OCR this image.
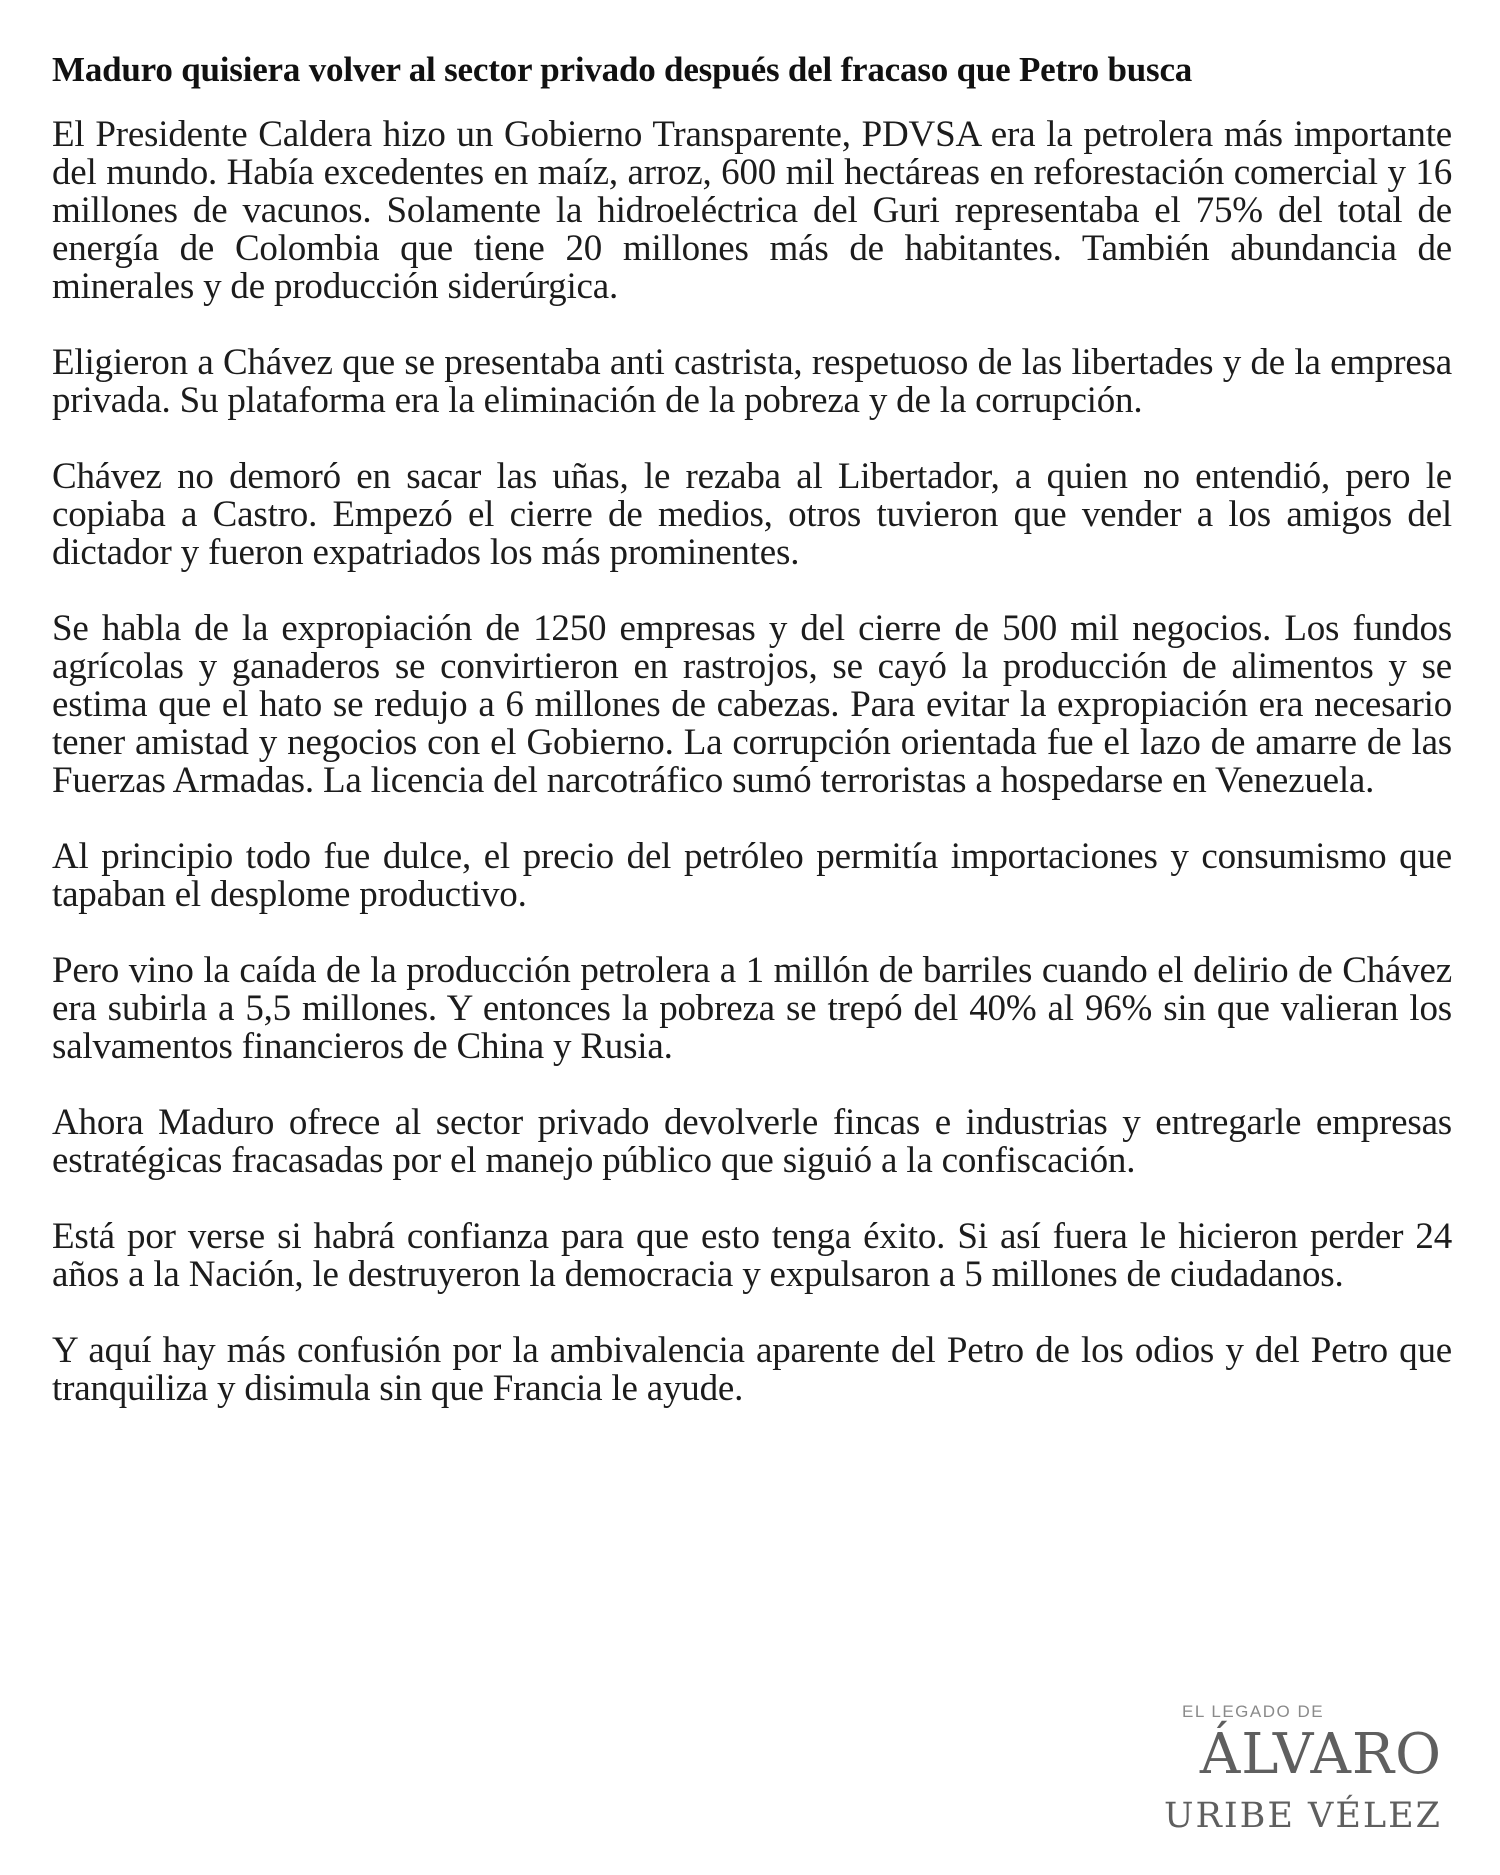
Maduro quisiera volver al sector privado después del fracaso que Petro busca

El Presidente Caldera hizo un Gobierno Transparente, PDVSA era la petrolera más importante del mundo. Había excedentes en maíz, arroz, 600 mil hectáreas en reforestación comercial y 16 millones de vacunos. Solamente la hidroeléctrica del Guri representaba el 75% del total de energía de Colombia que tiene 20 millones más de habitantes. También abundancia de minerales y de producción siderúrgica.

Eligieron a Chávez que se presentaba anti castrista, respetuoso de las libertades y de la empresa privada. Su plataforma era la eliminación de la pobreza y de la corrupción.

Chávez no demoró en sacar las uñas, le rezaba al Libertador, a quien no entendió, pero le copiaba a Castro. Empezó el cierre de medios, otros tuvieron que vender a los amigos del dictador y fueron expatriados los más prominentes.

Se habla de la expropiación de 1250 empresas y del cierre de 500 mil negocios. Los fundos agrícolas y ganaderos se convirtieron en rastrojos, se cayó la producción de alimentos y se estima que el hato se redujo a 6 millones de cabezas. Para evitar la expropiación era necesario tener amistad y negocios con el Gobierno. La corrupción orientada fue el lazo de amarre de las Fuerzas Armadas. La licencia del narcotráfico sumó terroristas a hospedarse en Venezuela.

Al principio todo fue dulce, el precio del petróleo permitía importaciones y consumismo que tapaban el desplome productivo.

Pero vino la caída de la producción petrolera a 1 millón de barriles cuando el delirio de Chávez era subirla a 5,5 millones. Y entonces la pobreza se trepó del 40% al 96% sin que valieran los salvamentos financieros de China y Rusia.

Ahora Maduro ofrece al sector privado devolverle fincas e industrias y entregarle empresas estratégicas fracasadas por el manejo público que siguió a la confiscación.

Está por verse si habrá confianza para que esto tenga éxito. Si así fuera le hicieron perder 24 años a la Nación, le destruyeron la democracia y expulsaron a 5 millones de ciudadanos.

Y aquí hay más confusión por la ambivalencia aparente del Petro de los odios y del Petro que tranquiliza y disimula sin que Francia le ayude.

EL LEGADO DE
ÁLVARO
URIBE VÉLEZ
